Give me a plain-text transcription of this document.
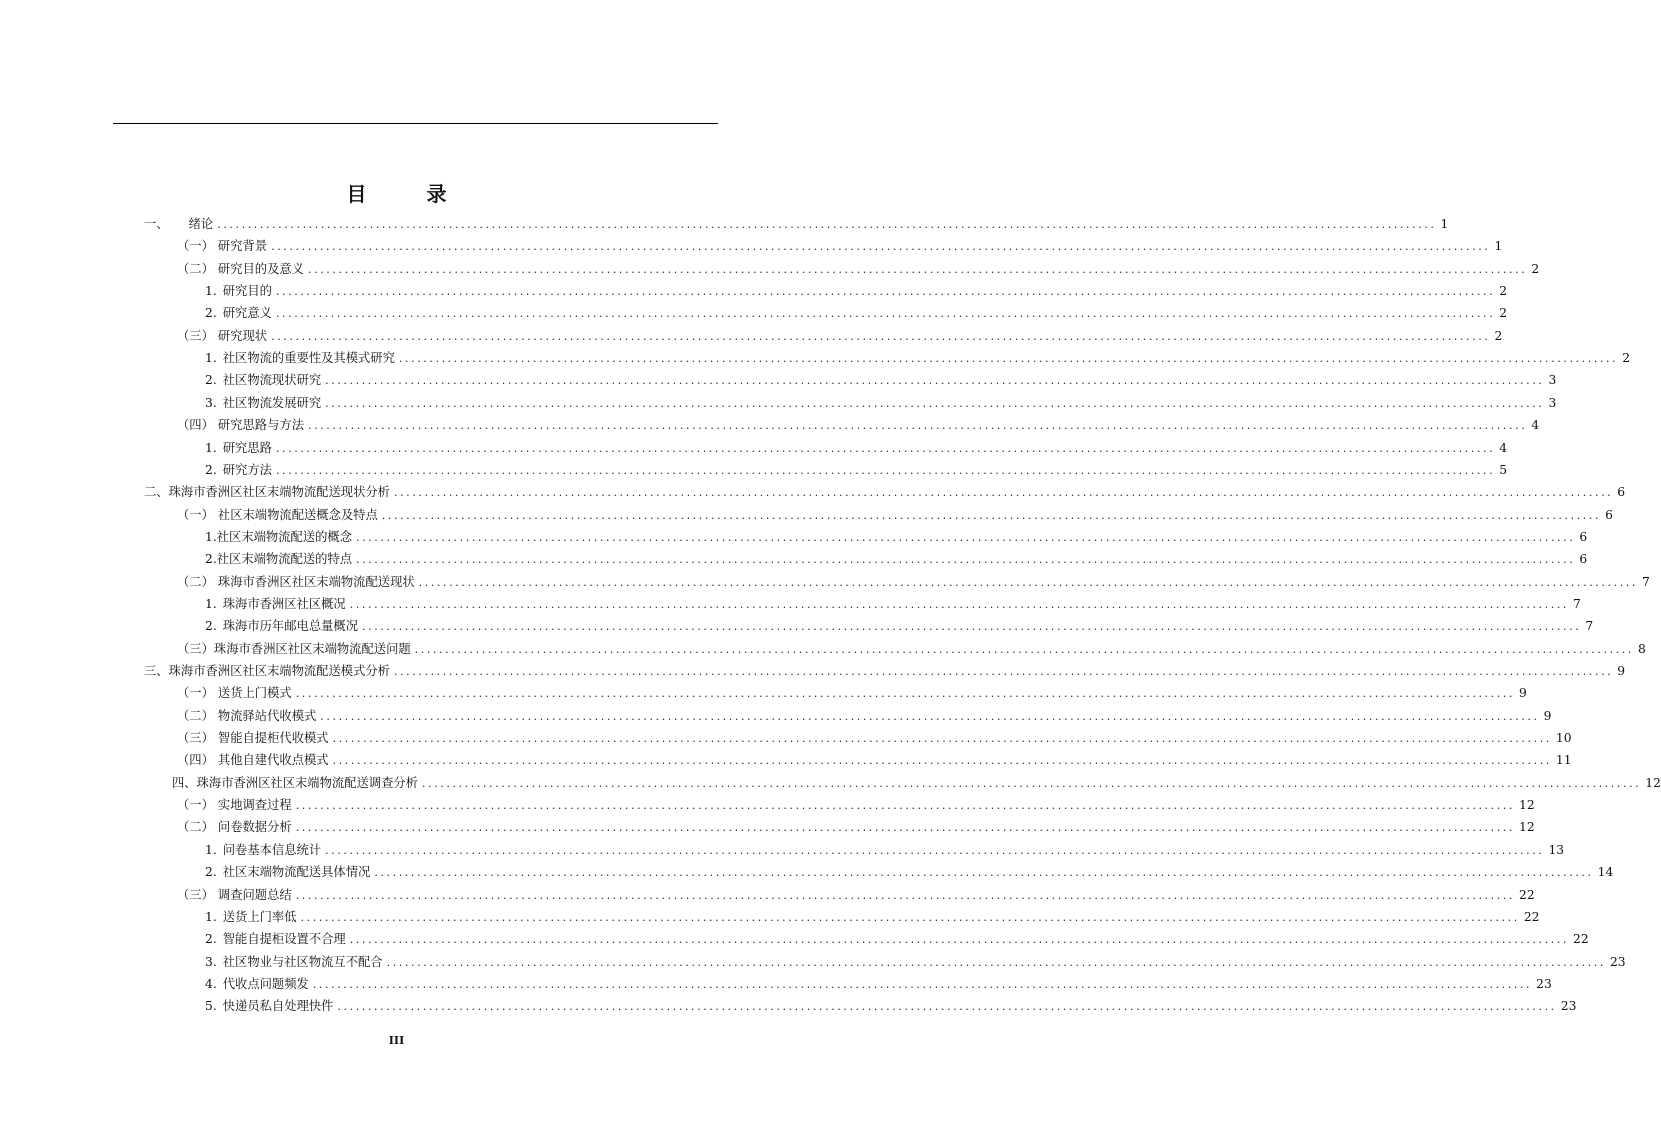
目　录
一、 绪论 ........................................................................................................................................................................................................ 1
（一） 研究背景 ........................................................................................................................................................................................................ 1
（二） 研究目的及意义 ........................................................................................................................................................................................................ 2
1. 研究目的 ........................................................................................................................................................................................................ 2
2. 研究意义 ........................................................................................................................................................................................................ 2
（三） 研究现状 ........................................................................................................................................................................................................ 2
1. 社区物流的重要性及其模式研究 ........................................................................................................................................................................................................ 2
2. 社区物流现状研究 ........................................................................................................................................................................................................ 3
3. 社区物流发展研究 ........................................................................................................................................................................................................ 3
（四） 研究思路与方法 ........................................................................................................................................................................................................ 4
1. 研究思路 ........................................................................................................................................................................................................ 4
2. 研究方法 ........................................................................................................................................................................................................ 5
二、 珠海市香洲区社区末端物流配送现状分析 ........................................................................................................................................................................................................ 6
（一） 社区末端物流配送概念及特点 ........................................................................................................................................................................................................ 6
1. 社区末端物流配送的概念 ........................................................................................................................................................................................................ 6
2. 社区末端物流配送的特点 ........................................................................................................................................................................................................ 6
（二） 珠海市香洲区社区末端物流配送现状 ........................................................................................................................................................................................................ 7
1. 珠海市香洲区社区概况 ........................................................................................................................................................................................................ 7
2. 珠海市历年邮电总量概况 ........................................................................................................................................................................................................ 7
（三） 珠海市香洲区社区末端物流配送问题 ........................................................................................................................................................................................................ 8
三、 珠海市香洲区社区末端物流配送模式分析 ........................................................................................................................................................................................................ 9
（一） 送货上门模式 ........................................................................................................................................................................................................ 9
（二） 物流驿站代收模式 ........................................................................................................................................................................................................ 9
（三） 智能自提柜代收模式 ........................................................................................................................................................................................................ 10
（四） 其他自建代收点模式 ........................................................................................................................................................................................................ 11
四、 珠海市香洲区社区末端物流配送调查分析 ........................................................................................................................................................................................................ 12
（一） 实地调查过程 ........................................................................................................................................................................................................ 12
（二） 问卷数据分析 ........................................................................................................................................................................................................ 12
1. 问卷基本信息统计 ........................................................................................................................................................................................................ 13
2. 社区末端物流配送具体情况 ........................................................................................................................................................................................................ 14
（三） 调查问题总结 ........................................................................................................................................................................................................ 22
1. 送货上门率低 ........................................................................................................................................................................................................ 22
2. 智能自提柜设置不合理 ........................................................................................................................................................................................................ 22
3. 社区物业与社区物流互不配合 ........................................................................................................................................................................................................ 23
4. 代收点问题频发 ........................................................................................................................................................................................................ 23
5. 快递员私自处理快件 ........................................................................................................................................................................................................ 23
III
